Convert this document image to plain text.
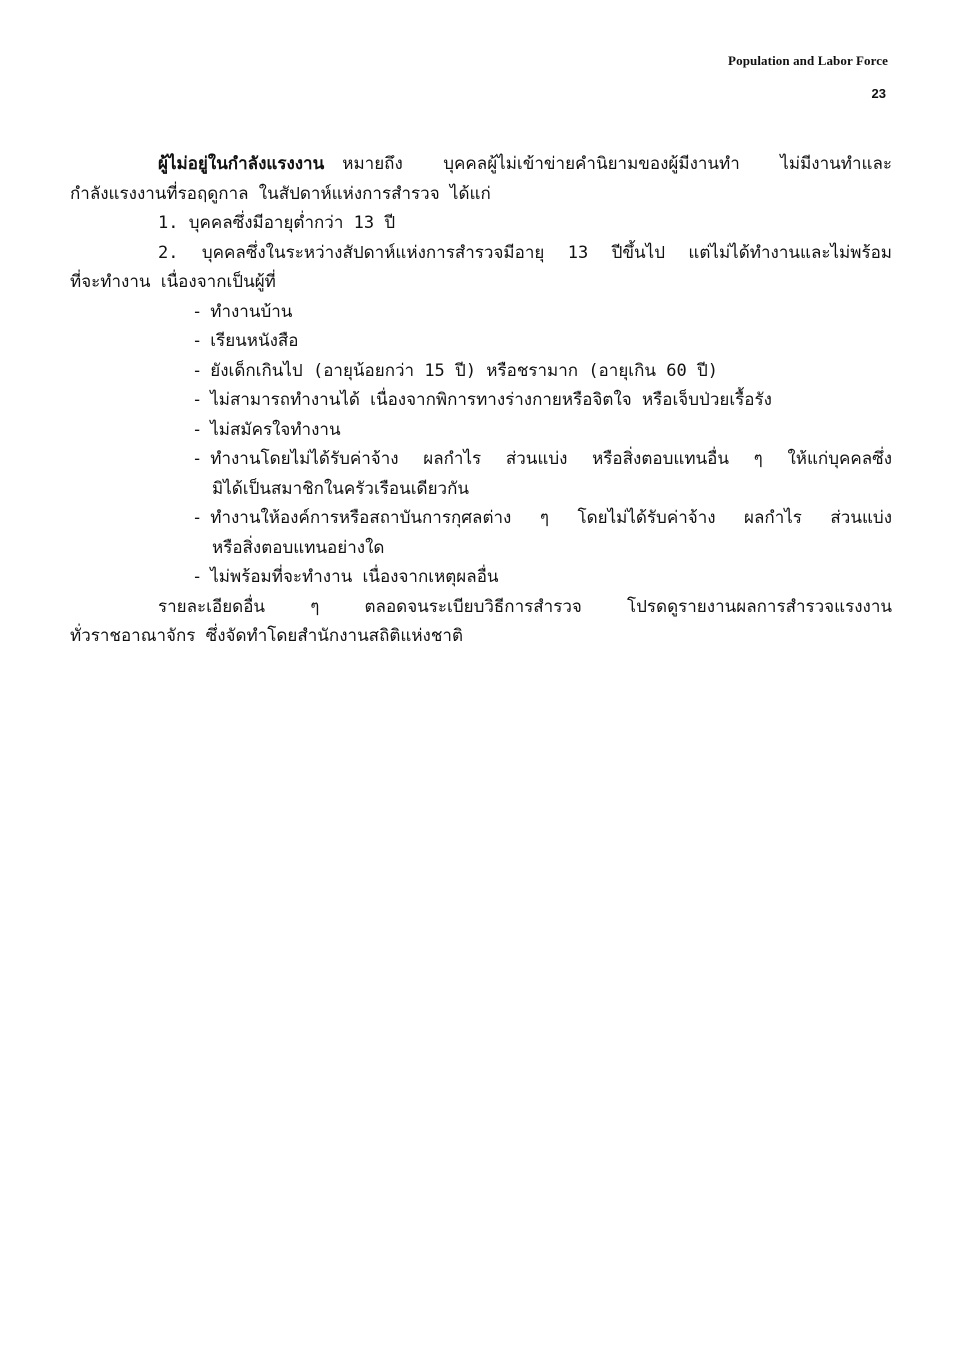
Population and Labor Force
23
ผู้ไม่อยู่ในกำลังแรงงาน หมายถึง บุคคลผู้ไม่เข้าข่ายคำนิยามของผู้มีงานทำ ไม่มีงานทำและ
กำลังแรงงานที่รอฤดูกาล ในสัปดาห์แห่งการสำรวจ ได้แก่
1. บุคคลซึ่งมีอายุต่ำกว่า 13 ปี
2. บุคคลซึ่งในระหว่างสัปดาห์แห่งการสำรวจมีอายุ 13 ปีขึ้นไป แต่ไม่ได้ทำงานและไม่พร้อม
ที่จะทำงาน เนื่องจากเป็นผู้ที่
- ทำงานบ้าน
- เรียนหนังสือ
- ยังเด็กเกินไป (อายุน้อยกว่า 15 ปี) หรือชรามาก (อายุเกิน 60 ปี)
- ไม่สามารถทำงานได้ เนื่องจากพิการทางร่างกายหรือจิตใจ หรือเจ็บป่วยเรื้อรัง
- ไม่สมัครใจทำงาน
- ทำงานโดยไม่ได้รับค่าจ้าง ผลกำไร ส่วนแบ่ง หรือสิ่งตอบแทนอื่น ๆ ให้แก่บุคคลซึ่ง
มิได้เป็นสมาชิกในครัวเรือนเดียวกัน
- ทำงานให้องค์การหรือสถาบันการกุศลต่าง ๆ โดยไม่ได้รับค่าจ้าง ผลกำไร ส่วนแบ่ง
หรือสิ่งตอบแทนอย่างใด
- ไม่พร้อมที่จะทำงาน เนื่องจากเหตุผลอื่น
รายละเอียดอื่น ๆ ตลอดจนระเบียบวิธีการสำรวจ โปรดดูรายงานผลการสำรวจแรงงาน
ทั่วราชอาณาจักร ซึ่งจัดทำโดยสำนักงานสถิติแห่งชาติ
